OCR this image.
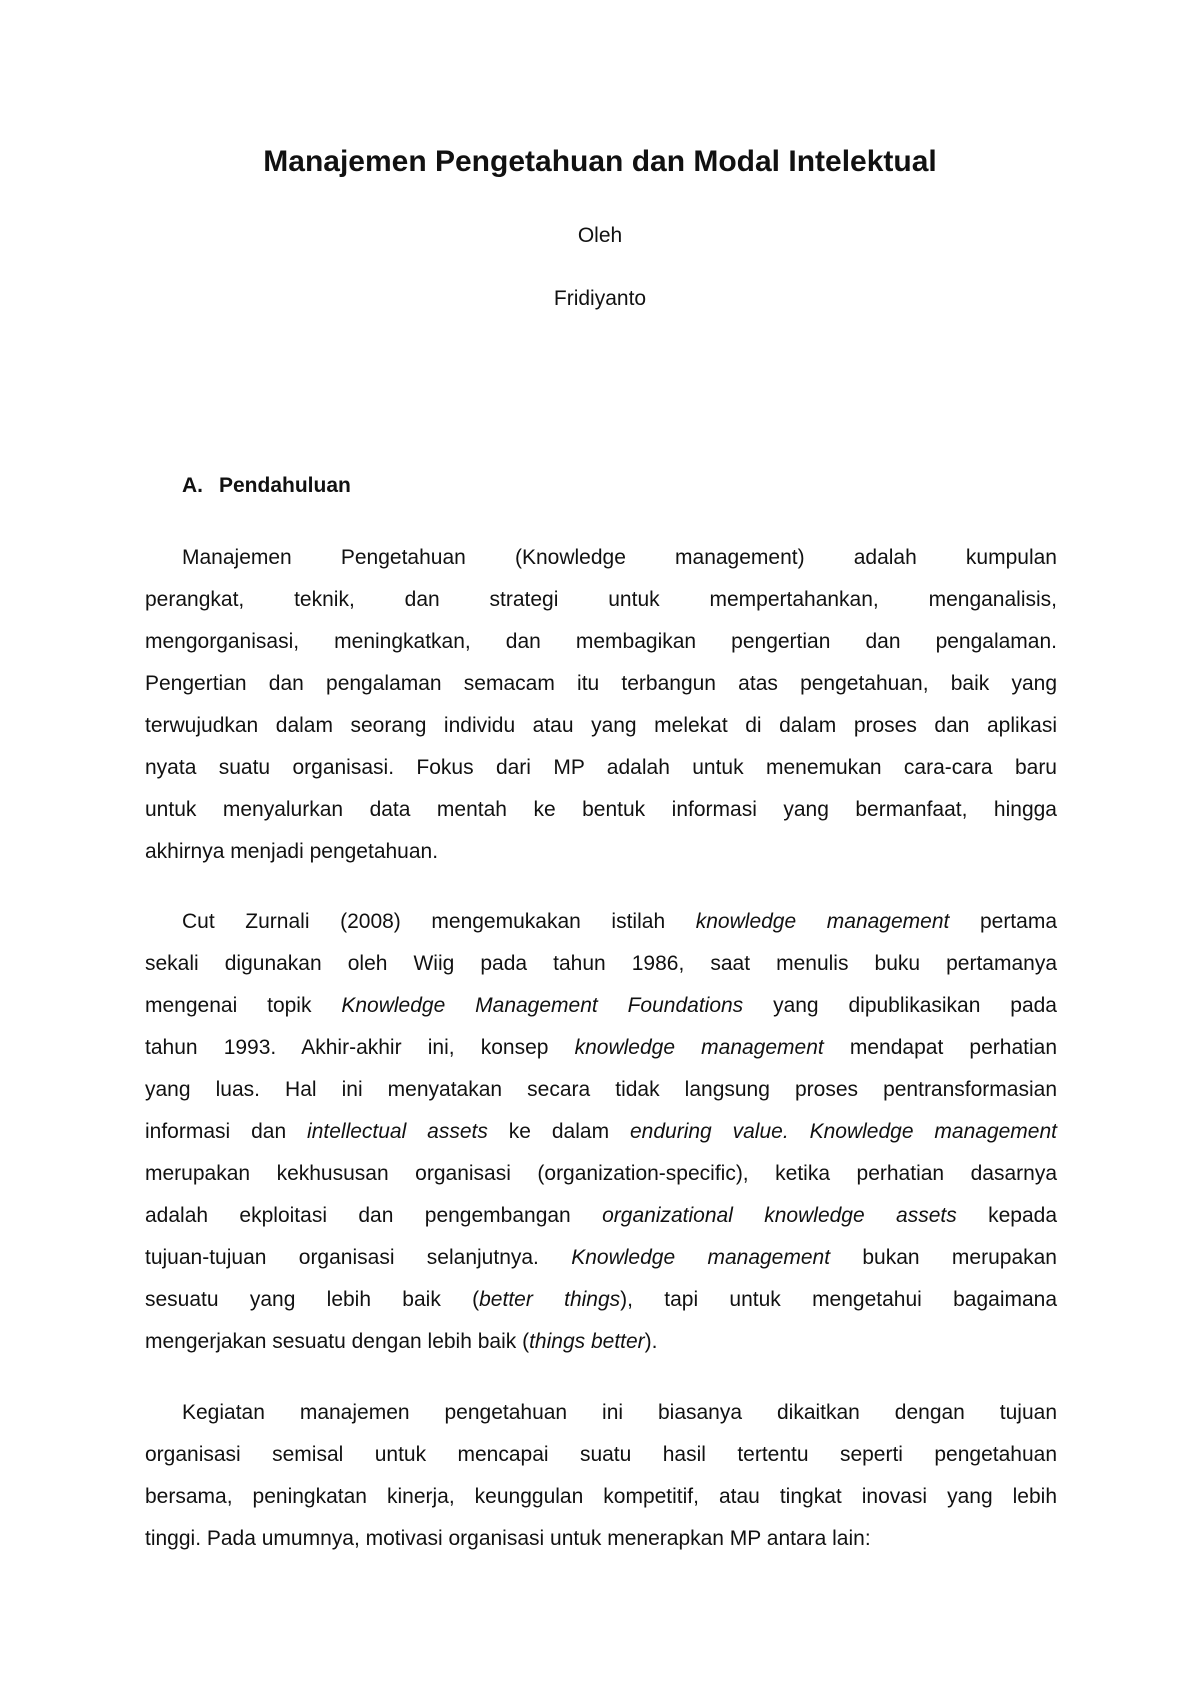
Manajemen Pengetahuan dan Modal Intelektual

Oleh

Fridiyanto

A. Pendahuluan
Manajemen Pengetahuan (Knowledge management) adalah kumpulan
perangkat, teknik, dan strategi untuk mempertahankan, menganalisis,
mengorganisasi, meningkatkan, dan membagikan pengertian dan pengalaman.
Pengertian dan pengalaman semacam itu terbangun atas pengetahuan, baik yang
terwujudkan dalam seorang individu atau yang melekat di dalam proses dan aplikasi
nyata suatu organisasi. Fokus dari MP adalah untuk menemukan cara-cara baru
untuk menyalurkan data mentah ke bentuk informasi yang bermanfaat, hingga
akhirnya menjadi pengetahuan.
Cut Zurnali (2008) mengemukakan istilah knowledge management pertama
sekali digunakan oleh Wiig pada tahun 1986, saat menulis buku pertamanya
mengenai topik Knowledge Management Foundations yang dipublikasikan pada
tahun 1993. Akhir-akhir ini, konsep knowledge management mendapat perhatian
yang luas. Hal ini menyatakan secara tidak langsung proses pentransformasian
informasi dan intellectual assets ke dalam enduring value. Knowledge management
merupakan kekhususan organisasi (organization-specific), ketika perhatian dasarnya
adalah ekploitasi dan pengembangan organizational knowledge assets kepada
tujuan-tujuan organisasi selanjutnya. Knowledge management bukan merupakan
sesuatu yang lebih baik (better things), tapi untuk mengetahui bagaimana
mengerjakan sesuatu dengan lebih baik (things better).
Kegiatan manajemen pengetahuan ini biasanya dikaitkan dengan tujuan
organisasi semisal untuk mencapai suatu hasil tertentu seperti pengetahuan
bersama, peningkatan kinerja, keunggulan kompetitif, atau tingkat inovasi yang lebih
tinggi. Pada umumnya, motivasi organisasi untuk menerapkan MP antara lain:
